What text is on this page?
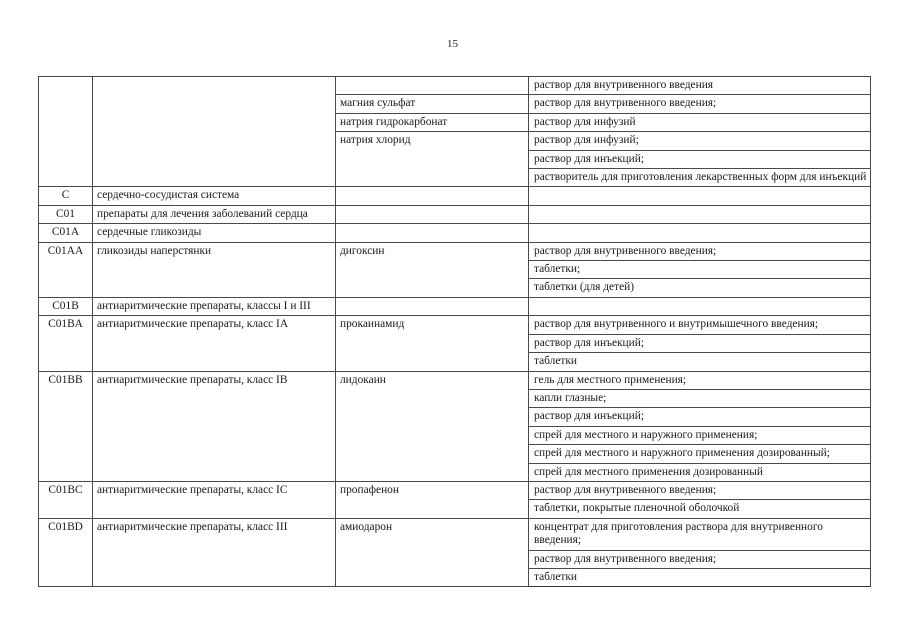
15
			раствор для внутривенного введения
		магния сульфат	раствор для внутривенного введения;
		натрия гидрокарбонат	раствор для инфузий
		натрия хлорид	раствор для инфузий;
			раствор для инъекций;
			растворитель для приготовления лекарственных форм для инъекций
C	сердечно-сосудистая система		
C01	препараты для лечения заболеваний сердца		
C01A	сердечные гликозиды		
C01AA	гликозиды наперстянки	дигоксин	раствор для внутривенного введения;
			таблетки;
			таблетки (для детей)
C01B	антиаритмические препараты, классы I и III		
C01BA	антиаритмические препараты, класс IA	прокаинамид	раствор для внутривенного и внутримышечного введения;
			раствор для инъекций;
			таблетки
C01BB	антиаритмические препараты, класс IB	лидокаин	гель для местного применения;
			капли глазные;
			раствор для инъекций;
			спрей для местного и наружного применения;
			спрей для местного и наружного применения дозированный;
			спрей для местного применения дозированный
C01BC	антиаритмические препараты, класс IC	пропафенон	раствор для внутривенного введения;
			таблетки, покрытые пленочной оболочкой
C01BD	антиаритмические препараты, класс III	амиодарон	концентрат для приготовления раствора для внутривенного введения;
			раствор для внутривенного введения;
			таблетки
